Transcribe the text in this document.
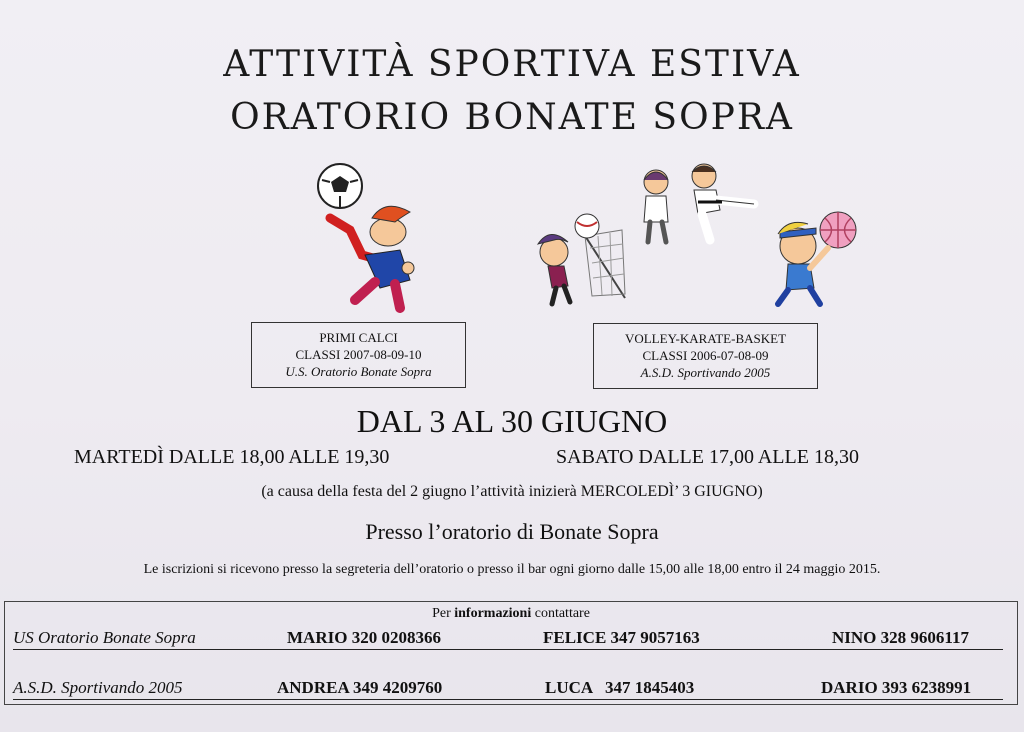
ATTIVITÀ SPORTIVA ESTIVA
ORATORIO BONATE SOPRA
PRIMI CALCI
CLASSI 2007-08-09-10
U.S. Oratorio Bonate Sopra
VOLLEY-KARATE-BASKET
CLASSI 2006-07-08-09
A.S.D. Sportivando 2005
DAL 3 AL 30 GIUGNO
MARTEDÌ DALLE 18,00 ALLE 19,30	SABATO DALLE 17,00 ALLE 18,30
(a causa della festa del 2 giugno l’attività inizierà MERCOLEDÌ’ 3 GIUGNO)
Presso l’oratorio di Bonate Sopra
Le iscrizioni si ricevono presso la segreteria dell’oratorio o presso il bar ogni giorno dalle 15,00 alle 18,00 entro il 24 maggio 2015.
Per informazioni contattare
US Oratorio Bonate Sopra	MARIO 320 0208366	FELICE 347 9057163	NINO 328 9606117
A.S.D. Sportivando 2005	ANDREA 349 4209760	LUCA   347 1845403	DARIO 393 6238991
